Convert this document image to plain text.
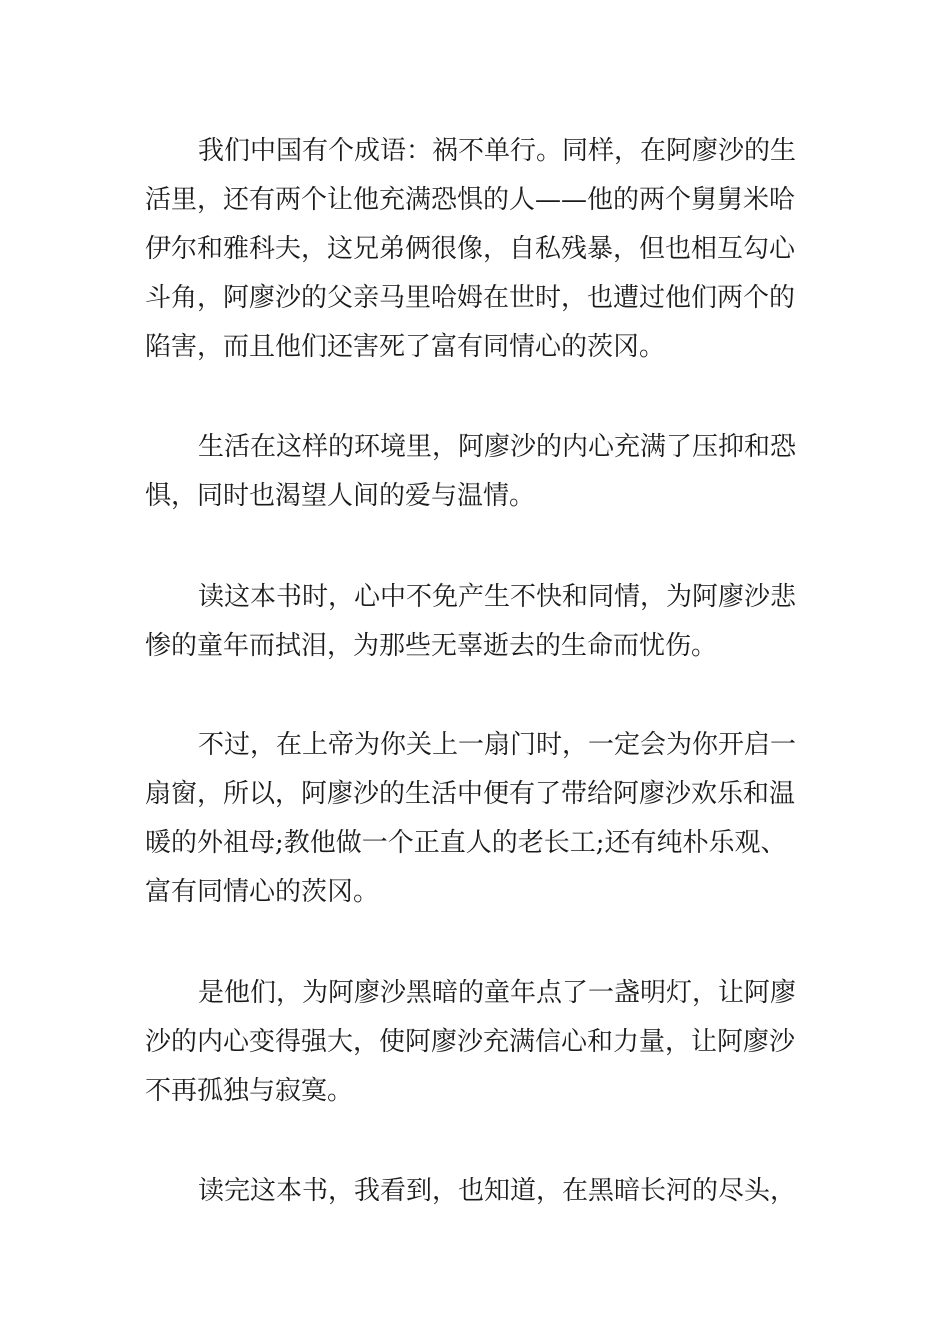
我们中国有个成语：祸不单行。同样，在阿廖沙的生
活里，还有两个让他充满恐惧的人——他的两个舅舅米哈
伊尔和雅科夫，这兄弟俩很像，自私残暴，但也相互勾心
斗角，阿廖沙的父亲马里哈姆在世时，也遭过他们两个的
陷害，而且他们还害死了富有同情心的茨冈。
生活在这样的环境里，阿廖沙的内心充满了压抑和恐
惧，同时也渴望人间的爱与温情。
读这本书时，心中不免产生不快和同情，为阿廖沙悲
惨的童年而拭泪，为那些无辜逝去的生命而忧伤。
不过，在上帝为你关上一扇门时，一定会为你开启一
扇窗，所以，阿廖沙的生活中便有了带给阿廖沙欢乐和温
暖的外祖母;教他做一个正直人的老长工;还有纯朴乐观、
富有同情心的茨冈。
是他们，为阿廖沙黑暗的童年点了一盏明灯，让阿廖
沙的内心变得强大，使阿廖沙充满信心和力量，让阿廖沙
不再孤独与寂寞。
读完这本书，我看到，也知道，在黑暗长河的尽头，
